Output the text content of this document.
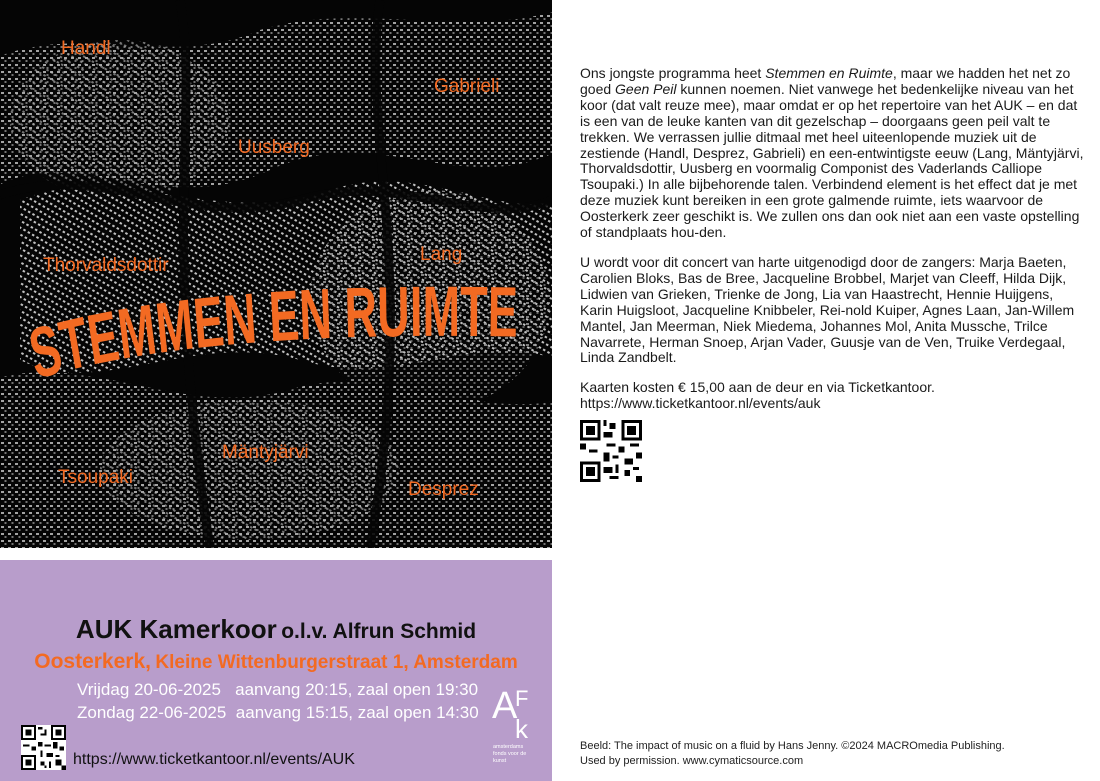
Handl
Gabrieli
Uusberg
Thorvaldsdottir
Lang
Mäntyjärvi
Tsoupaki
Desprez
STEMMEN EN RUIMTE
AUK Kamerkoor o.l.v. Alfrun Schmid
Oosterkerk, Kleine Wittenburgerstraat 1, Amsterdam
Vrijdag 20-06-2025   aanvang 20:15, zaal open 19:30
Zondag 22-06-2025  aanvang 15:15, zaal open 14:30
https://www.ticketkantoor.nl/events/AUK
A
F
k
amsterdams
fonds voor de
kunst

Ons jongste programma heet Stemmen en Ruimte, maar we hadden het net zo goed Geen Peil kunnen noemen. Niet vanwege het bedenkelijke niveau van het koor (dat valt reuze mee), maar omdat er op het repertoire van het AUK – en dat is een van de leuke kanten van dit gezelschap – doorgaans geen peil valt te trekken. We verrassen jullie ditmaal met heel uiteenlopende muziek uit de zestiende (Handl, Desprez, Gabrieli) en een-entwintigste eeuw (Lang, Mäntyjärvi, Thorvaldsdottir, Uusberg en voormalig Componist des Vaderlands Calliope Tsoupaki.) In alle bijbehorende talen. Verbindend element is het effect dat je met deze muziek kunt bereiken in een grote galmende ruimte, iets waarvoor de Oosterkerk zeer geschikt is. We zullen ons dan ook niet aan een vaste opstelling of standplaats hou-den.

U wordt voor dit concert van harte uitgenodigd door de zangers: Marja Baeten, Carolien Bloks, Bas de Bree, Jacqueline Brobbel, Marjet van Cleeff, Hilda Dijk, Lidwien van Grieken, Trienke de Jong, Lia van Haastrecht, Hennie Huijgens, Karin Huigsloot, Jacqueline Knibbeler, Rei-nold Kuiper, Agnes Laan, Jan-Willem Mantel, Jan Meerman, Niek Miedema, Johannes Mol, Anita Mussche, Trilce Navarrete, Herman Snoep, Arjan Vader, Guusje van de Ven, Truike Verdegaal, Linda Zandbelt.

Kaarten kosten € 15,00 aan de deur en via Ticketkantoor.

https://www.ticketkantoor.nl/events/auk

Beeld: The impact of music on a fluid by Hans Jenny. ©2024 MACROmedia Publishing.
Used by permission. www.cymaticsource.com
